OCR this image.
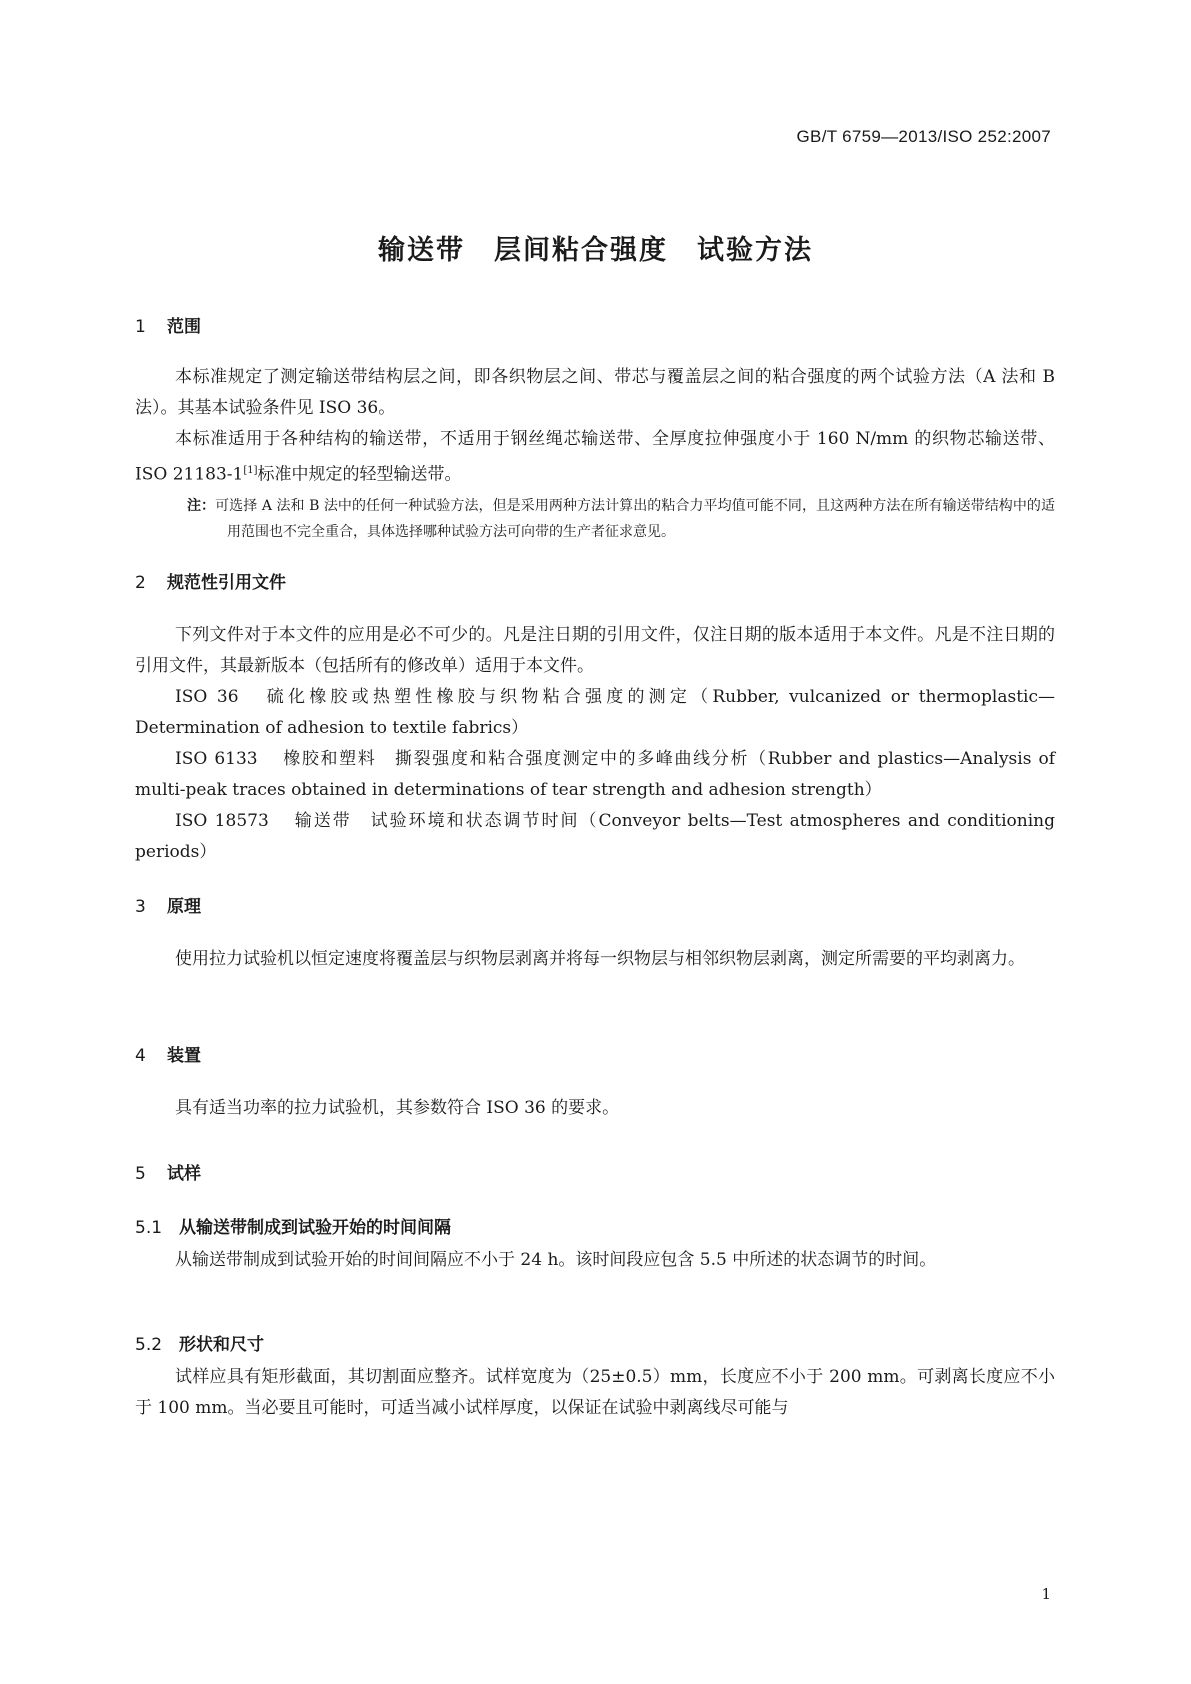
GB/T 6759—2013/ISO 252:2007
输送带　层间粘合强度　试验方法
1 范围

本标准规定了测定输送带结构层之间，即各织物层之间、带芯与覆盖层之间的粘合强度的两个试验方法（A 法和 B 法）。其基本试验条件见 ISO 36。

本标准适用于各种结构的输送带，不适用于钢丝绳芯输送带、全厚度拉伸强度小于 160 N/mm 的织物芯输送带、ISO 21183-1[1]标准中规定的轻型输送带。

注：可选择 A 法和 B 法中的任何一种试验方法，但是采用两种方法计算出的粘合力平均值可能不同，且这两种方法在所有输送带结构中的适用范围也不完全重合，具体选择哪种试验方法可向带的生产者征求意见。
2 规范性引用文件

下列文件对于本文件的应用是必不可少的。凡是注日期的引用文件，仅注日期的版本适用于本文件。凡是不注日期的引用文件，其最新版本（包括所有的修改单）适用于本文件。

ISO 36 硫化橡胶或热塑性橡胶与织物粘合强度的测定（Rubber, vulcanized or thermoplastic—Determination of adhesion to textile fabrics）

ISO 6133 橡胶和塑料　撕裂强度和粘合强度测定中的多峰曲线分析（Rubber and plastics—Analysis of multi-peak traces obtained in determinations of tear strength and adhesion strength）

ISO 18573 输送带　试验环境和状态调节时间（Conveyor belts—Test atmospheres and conditioning periods）

3 原理

使用拉力试验机以恒定速度将覆盖层与织物层剥离并将每一织物层与相邻织物层剥离，测定所需要的平均剥离力。

4 装置

具有适当功率的拉力试验机，其参数符合 ISO 36 的要求。

5 试样
5.1 从输送带制成到试验开始的时间间隔

从输送带制成到试验开始的时间间隔应不小于 24 h。该时间段应包含 5.5 中所述的状态调节的时间。

5.2 形状和尺寸

试样应具有矩形截面，其切割面应整齐。试样宽度为（25±0.5）mm，长度应不小于 200 mm。可剥离长度应不小于 100 mm。当必要且可能时，可适当减小试样厚度，以保证在试验中剥离线尽可能与

1
